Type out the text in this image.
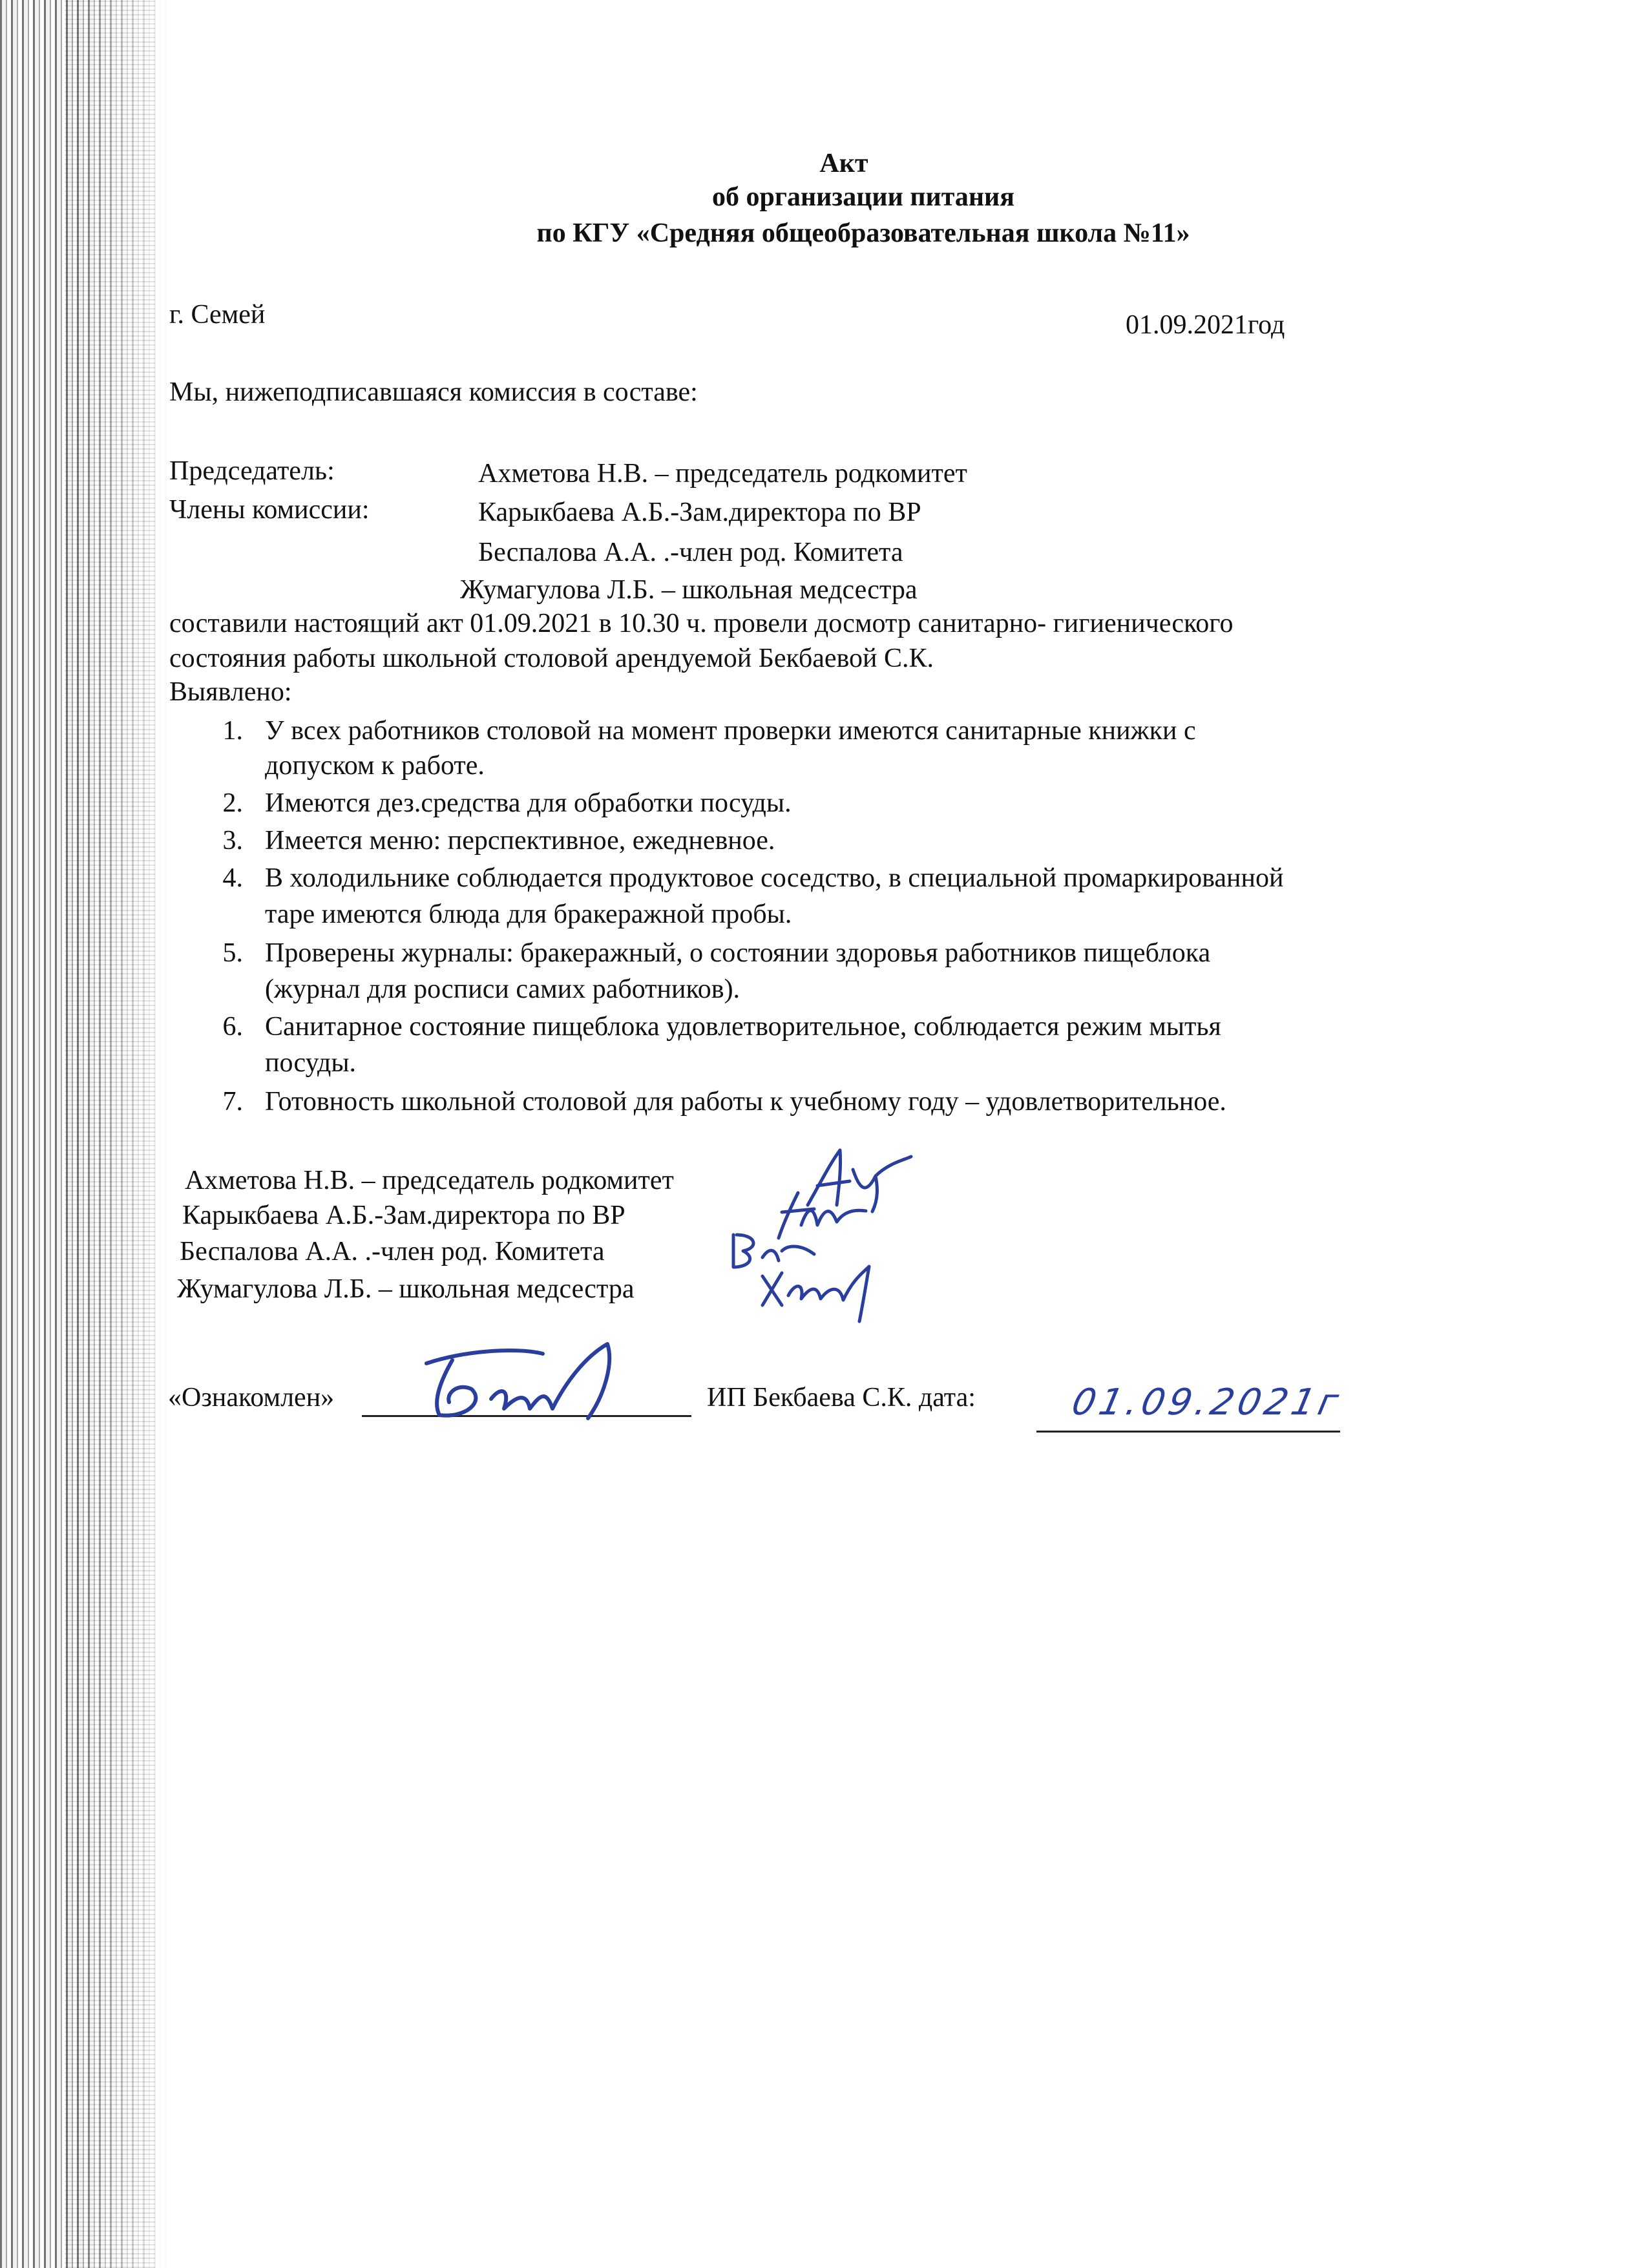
Акт
об организации питания
по КГУ «Средняя общеобразовательная школа №11»
г. Семей	01.09.2021год
Мы, нижеподписавшаяся комиссия в составе:
Председатель:	Ахметова Н.В. – председатель родкомитет
Члены комиссии:	Карыкбаева А.Б.-Зам.директора по ВР
Беспалова А.А. .-член род. Комитета
Жумагулова Л.Б. – школьная медсестра
составили настоящий акт 01.09.2021 в 10.30 ч. провели досмотр санитарно- гигиенического
состояния работы школьной столовой арендуемой Бекбаевой С.К.
Выявлено:
1. У всех работников столовой на момент проверки имеются санитарные книжки с
допуском к работе.
2. Имеются дез.средства для обработки посуды.
3. Имеется меню: перспективное, ежедневное.
4. В холодильнике соблюдается продуктовое соседство, в специальной промаркированной
таре имеются блюда для бракеражной пробы.
5. Проверены журналы: бракеражный, о состоянии здоровья работников пищеблока
(журнал для росписи самих работников).
6. Санитарное состояние пищеблока удовлетворительное, соблюдается режим мытья
посуды.
7. Готовность школьной столовой для работы к учебному году – удовлетворительное.
Ахметова Н.В. – председатель родкомитет
Карыкбаева А.Б.-Зам.директора по ВР
Беспалова А.А. .-член род. Комитета
Жумагулова Л.Б. – школьная медсестра
«Ознакомлен»	ИП Бекбаева С.К. дата:	01.09.2021г
